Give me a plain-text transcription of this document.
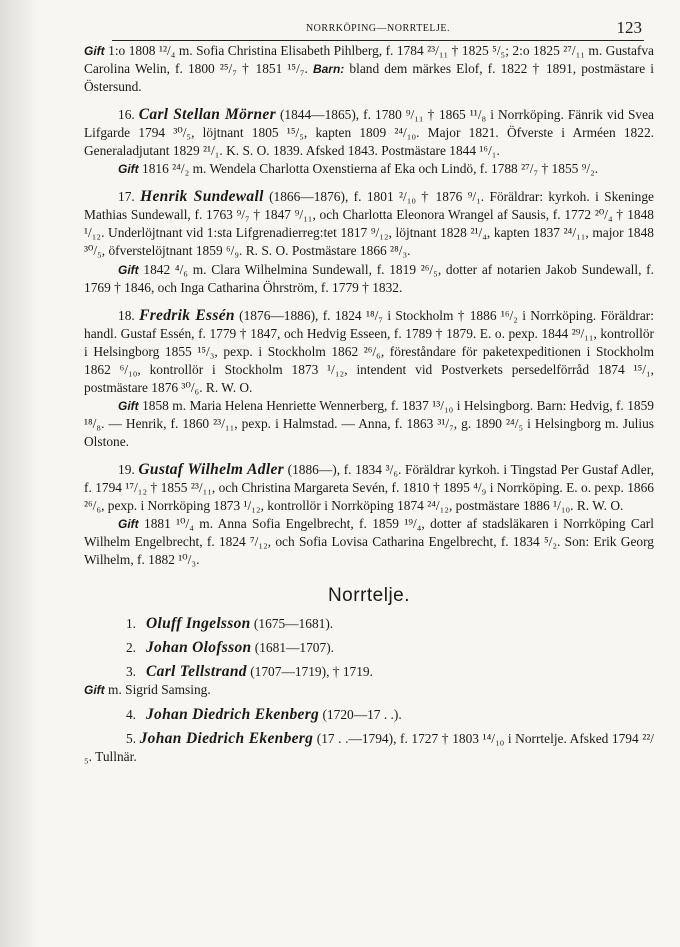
NORRKÖPING—NORRTELJE.	123

Gift 1:o 1808 ¹²/₄ m. Sofia Christina Elisabeth Pihlberg, f. 1784 ²³/₁₁ † 1825 ⁵/₅; 2:o 1825 ²⁷/₁₁ m. Gustafva Carolina Welin, f. 1800 ²⁵/₇ † 1851 ¹⁵/₇. Barn: bland dem märkes Elof, f. 1822 † 1891, postmästare i Östersund.

16. Carl Stellan Mörner (1844—1865), f. 1780 ⁹/₁₁ † 1865 ¹¹/₈ i Norrköping. Fänrik vid Svea Lifgarde 1794 ³⁰/₅, löjtnant 1805 ¹⁵/₅, kapten 1809 ²⁴/₁₀. Major 1821. Öfverste i Arméen 1822. Generaladjutant 1829 ²¹/₁. K. S. O. 1839. Afsked 1843. Postmästare 1844 ¹⁶/₁.

Gift 1816 ²⁴/₂ m. Wendela Charlotta Oxenstierna af Eka och Lindö, f. 1788 ²⁷/₇ † 1855 ⁹/₂.

17. Henrik Sundewall (1866—1876), f. 1801 ²/₁₀ † 1876 ⁹/₁. Föräldrar: kyrkoh. i Skeninge Mathias Sundewall, f. 1763 ⁹/₇ † 1847 ⁹/₁₁, och Charlotta Eleonora Wrangel af Sausis, f. 1772 ²⁰/₄ † 1848 ¹/₁₂. Underlöjtnant vid 1:sta Lifgrenadierreg:tet 1817 ⁹/₁₂, löjtnant 1828 ²¹/₄, kapten 1837 ²⁴/₁₁, major 1848 ³⁰/₅, öfverstelöjtnant 1859 ⁶/₉. R. S. O. Postmästare 1866 ²⁸/₃.

Gift 1842 ⁴/₆ m. Clara Wilhelmina Sundewall, f. 1819 ²⁶/₅, dotter af notarien Jakob Sundewall, f. 1769 † 1846, och Inga Catharina Öhrström, f. 1779 † 1832.

18. Fredrik Essén (1876—1886), f. 1824 ¹⁸/₇ i Stockholm † 1886 ¹⁶/₂ i Norrköping. Föräldrar: handl. Gustaf Essén, f. 1779 † 1847, och Hedvig Esseen, f. 1789 † 1879. E. o. pexp. 1844 ²⁹/₁₁, kontrollör i Helsingborg 1855 ¹⁵/₃, pexp. i Stockholm 1862 ²⁶/₆, föreståndare för paketexpeditionen i Stockholm 1862 ⁶/₁₀, kontrollör i Stockholm 1873 ¹/₁₂, intendent vid Postverkets persedelförråd 1874 ¹⁵/₁, postmästare 1876 ³⁰/₆. R. W. O.

Gift 1858 m. Maria Helena Henriette Wennerberg, f. 1837 ¹³/₁₀ i Helsingborg. Barn: Hedvig, f. 1859 ¹⁸/₈. — Henrik, f. 1860 ²³/₁₁, pexp. i Halmstad. — Anna, f. 1863 ³¹/₇, g. 1890 ²⁴/₅ i Helsingborg m. Julius Olstone.

19. Gustaf Wilhelm Adler (1886—), f. 1834 ³/₆. Föräldrar kyrkoh. i Tingstad Per Gustaf Adler, f. 1794 ¹⁷/₁₂ † 1855 ²³/₁₁, och Christina Margareta Sevén, f. 1810 † 1895 ⁴/₉ i Norrköping. E. o. pexp. 1866 ²⁶/₆, pexp. i Norrköping 1873 ¹/₁₂, kontrollör i Norrköping 1874 ²⁴/₁₂, postmästare 1886 ¹/₁₀. R. W. O.

Gift 1881 ¹⁰/₄ m. Anna Sofia Engelbrecht, f. 1859 ¹⁹/₄, dotter af stadsläkaren i Norrköping Carl Wilhelm Engelbrecht, f. 1824 ⁷/₁₂, och Sofia Lovisa Catharina Engelbrecht, f. 1834 ⁵/₂. Son: Erik Georg Wilhelm, f. 1882 ¹⁰/₃.

Norrtelje.
1. Oluff Ingelsson (1675—1681).
2. Johan Olofsson (1681—1707).
3. Carl Tellstrand (1707—1719), † 1719.

Gift m. Sigrid Samsing.

4. Johan Diedrich Ekenberg (1720—17 . .).

5. Johan Diedrich Ekenberg (17 . .—1794), f. 1727 † 1803 ¹⁴/₁₀ i Norrtelje. Afsked 1794 ²²/₅. Tullnär.
